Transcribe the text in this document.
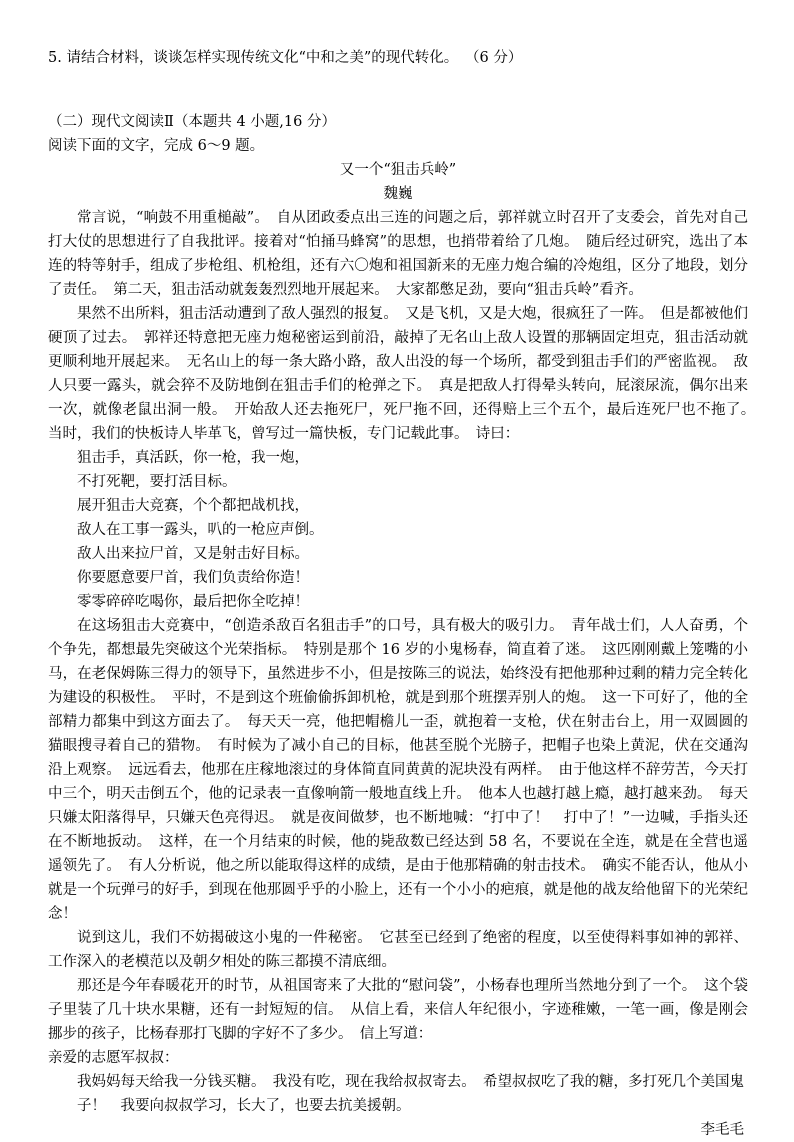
5. 请结合材料，谈谈怎样实现传统文化“中和之美”的现代转化。 （6 分）

（二）现代文阅读Ⅱ（本题共 4 小题,16 分）

阅读下面的文字，完成 6～9 题。

又一个“狙击兵岭”

魏巍

常言说，“响鼓不用重槌敲”。　自从团政委点出三连的问题之后，郭祥就立时召开了支委会，首先对自己打大仗的思想进行了自我批评。接着对“怕捅马蜂窝”的思想，也捎带着给了几炮。　随后经过研究，选出了本连的特等射手，组成了步枪组、机枪组，还有六〇炮和祖国新来的无座力炮合编的冷炮组，区分了地段，划分了责任。　第二天，狙击活动就轰轰烈烈地开展起来。　大家都憋足劲，要向“狙击兵岭”看齐。

果然不出所料，狙击活动遭到了敌人强烈的报复。　又是飞机，又是大炮，很疯狂了一阵。　但是都被他们硬顶了过去。　郭祥还特意把无座力炮秘密运到前沿，敲掉了无名山上敌人设置的那辆固定坦克，狙击活动就更顺利地开展起来。　无名山上的每一条大路小路，敌人出没的每一个场所，都受到狙击手们的严密监视。　敌人只要一露头，就会猝不及防地倒在狙击手们的枪弹之下。　真是把敌人打得晕头转向，屁滚尿流，偶尔出来一次，就像老鼠出洞一般。　开始敌人还去拖死尸，死尸拖不回，还得赔上三个五个，最后连死尸也不拖了。　当时，我们的快板诗人毕革飞，曾写过一篇快板，专门记载此事。　诗曰：

狙击手，真活跃，你一枪，我一炮，

不打死靶，要打活目标。

展开狙击大竞赛，个个都把战机找，

敌人在工事一露头，叭的一枪应声倒。

敌人出来拉尸首，又是射击好目标。

你要愿意要尸首，我们负责给你造！

零零碎碎吃喝你，最后把你全吃掉！

在这场狙击大竞赛中，“创造杀敌百名狙击手”的口号，具有极大的吸引力。　青年战士们，人人奋勇，个个争先，都想最先突破这个光荣指标。　特别是那个 16 岁的小鬼杨春，简直着了迷。　这匹刚刚戴上笼嘴的小马，在老保姆陈三得力的领导下，虽然进步不小，但是按陈三的说法，始终没有把他那种过剩的精力完全转化为建设的积极性。　平时，不是到这个班偷偷拆卸机枪，就是到那个班摆弄别人的炮。　这一下可好了，他的全部精力都集中到这方面去了。　每天天一亮，他把帽檐儿一歪，就抱着一支枪，伏在射击台上，用一双圆圆的猫眼搜寻着自己的猎物。　有时候为了减小自己的目标，他甚至脱个光膀子，把帽子也染上黄泥，伏在交通沟沿上观察。　远远看去，他那在庄稼地滚过的身体简直同黄黄的泥块没有两样。　由于他这样不辞劳苦，今天打中三个，明天击倒五个，他的记录表一直像响箭一般地直线上升。　他本人也越打越上瘾，越打越来劲。　每天只嫌太阳落得早，只嫌天色亮得迟。　就是夜间做梦，也不断地喊：“打中了！　打中了！”一边喊，手指头还在不断地扳动。　这样，在一个月结束的时候，他的毙敌数已经达到 58 名，不要说在全连，就是在全营也遥遥领先了。　有人分析说，他之所以能取得这样的成绩，是由于他那精确的射击技术。　确实不能否认，他从小就是一个玩弹弓的好手，到现在他那圆乎乎的小脸上，还有一个小小的疤痕，就是他的战友给他留下的光荣纪念！

说到这儿，我们不妨揭破这小鬼的一件秘密。　它甚至已经到了绝密的程度，以至使得料事如神的郭祥、工作深入的老模范以及朝夕相处的陈三都摸不清底细。

那还是今年春暖花开的时节，从祖国寄来了大批的“慰问袋”，小杨春也理所当然地分到了一个。　这个袋子里装了几十块水果糖，还有一封短短的信。　从信上看，来信人年纪很小，字迹稚嫩，一笔一画，像是刚会挪步的孩子，比杨春那打飞脚的字好不了多少。　信上写道：

亲爱的志愿军叔叔：

我妈妈每天给我一分钱买糖。　我没有吃，现在我给叔叔寄去。　希望叔叔吃了我的糖，多打死几个美国鬼子！　我要向叔叔学习，长大了，也要去抗美援朝。

李毛毛
